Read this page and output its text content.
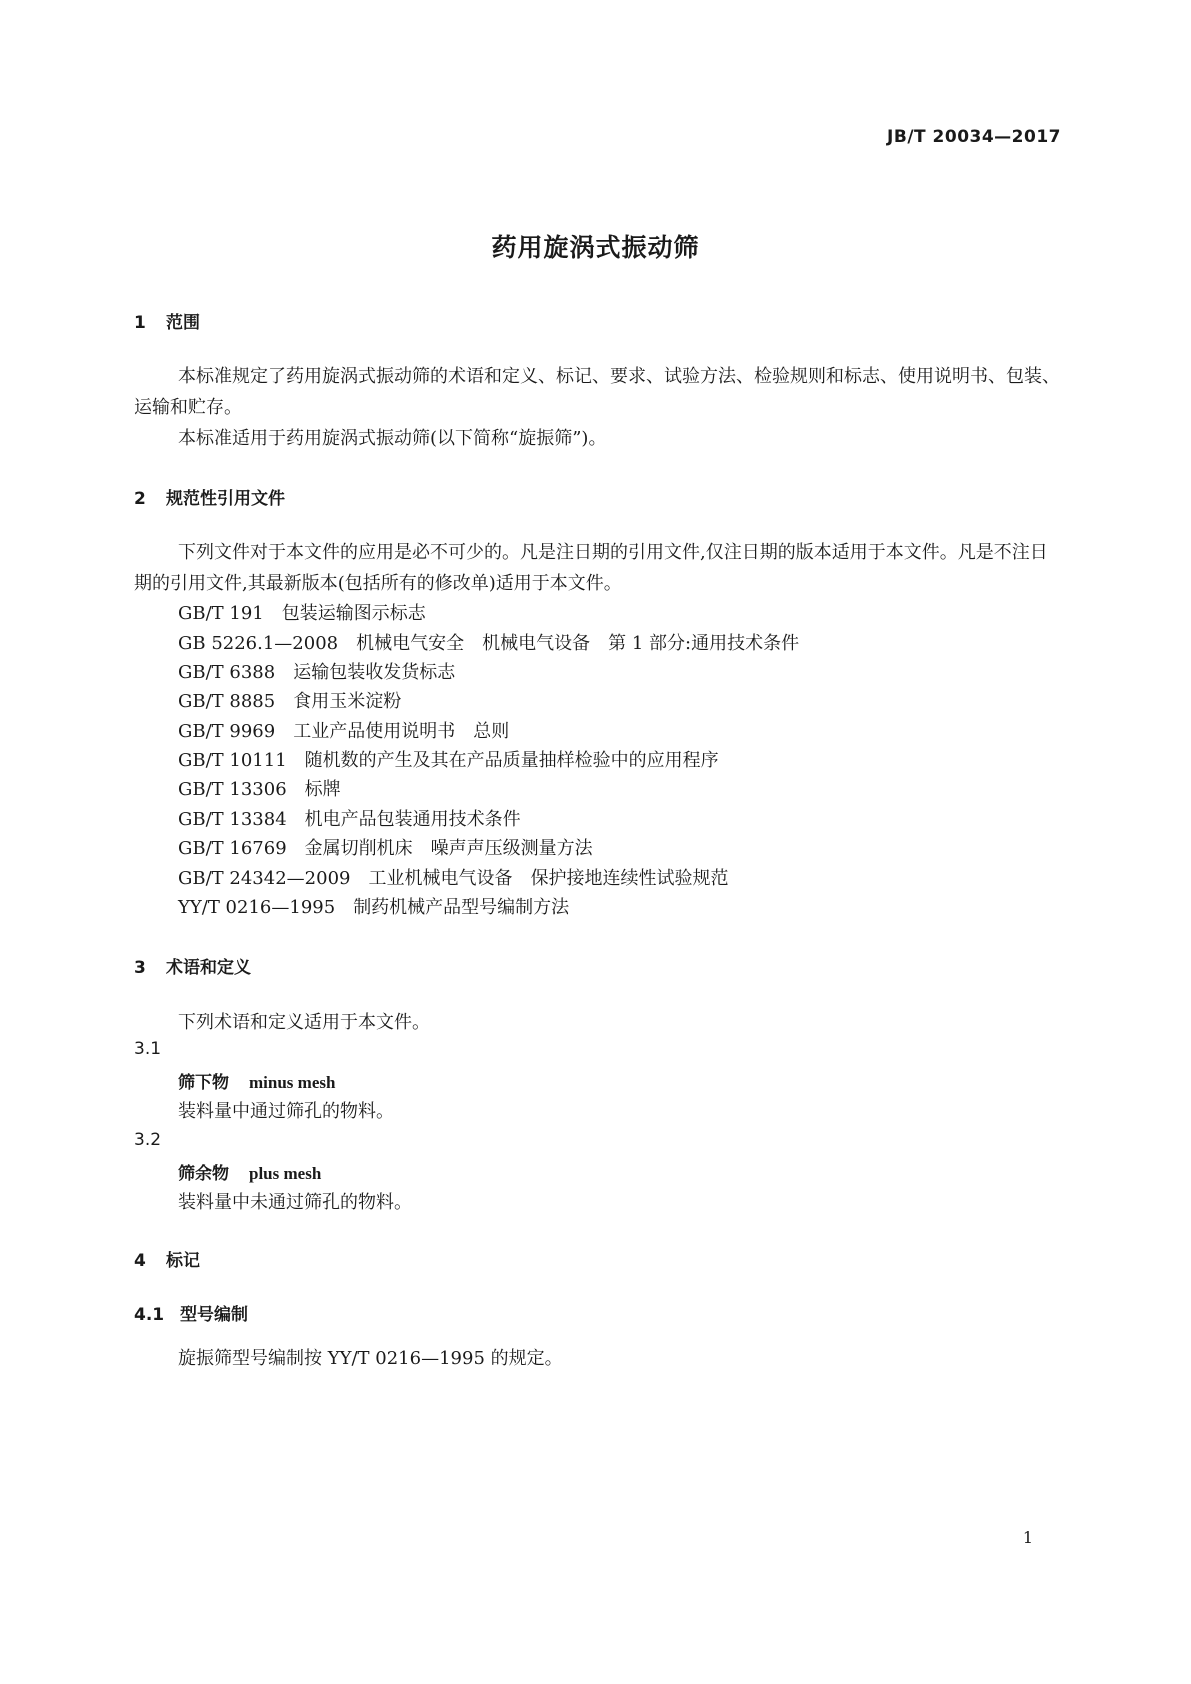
JB/T 20034—2017
药用旋涡式振动筛
1 范围
本标准规定了药用旋涡式振动筛的术语和定义、标记、要求、试验方法、检验规则和标志、使用说明书、包装、运输和贮存。
本标准适用于药用旋涡式振动筛(以下简称“旋振筛”)。
2 规范性引用文件
下列文件对于本文件的应用是必不可少的。凡是注日期的引用文件,仅注日期的版本适用于本文件。凡是不注日期的引用文件,其最新版本(包括所有的修改单)适用于本文件。
GB/T 191 包装运输图示标志
GB 5226.1—2008 机械电气安全　机械电气设备　第 1 部分:通用技术条件
GB/T 6388 运输包装收发货标志
GB/T 8885 食用玉米淀粉
GB/T 9969 工业产品使用说明书　总则
GB/T 10111 随机数的产生及其在产品质量抽样检验中的应用程序
GB/T 13306 标牌
GB/T 13384 机电产品包装通用技术条件
GB/T 16769 金属切削机床　噪声声压级测量方法
GB/T 24342—2009 工业机械电气设备　保护接地连续性试验规范
YY/T 0216—1995 制药机械产品型号编制方法
3 术语和定义
下列术语和定义适用于本文件。
3.1
筛下物 minus mesh
装料量中通过筛孔的物料。
3.2
筛余物 plus mesh
装料量中未通过筛孔的物料。
4 标记
4.1 型号编制
旋振筛型号编制按 YY/T 0216—1995 的规定。
1
